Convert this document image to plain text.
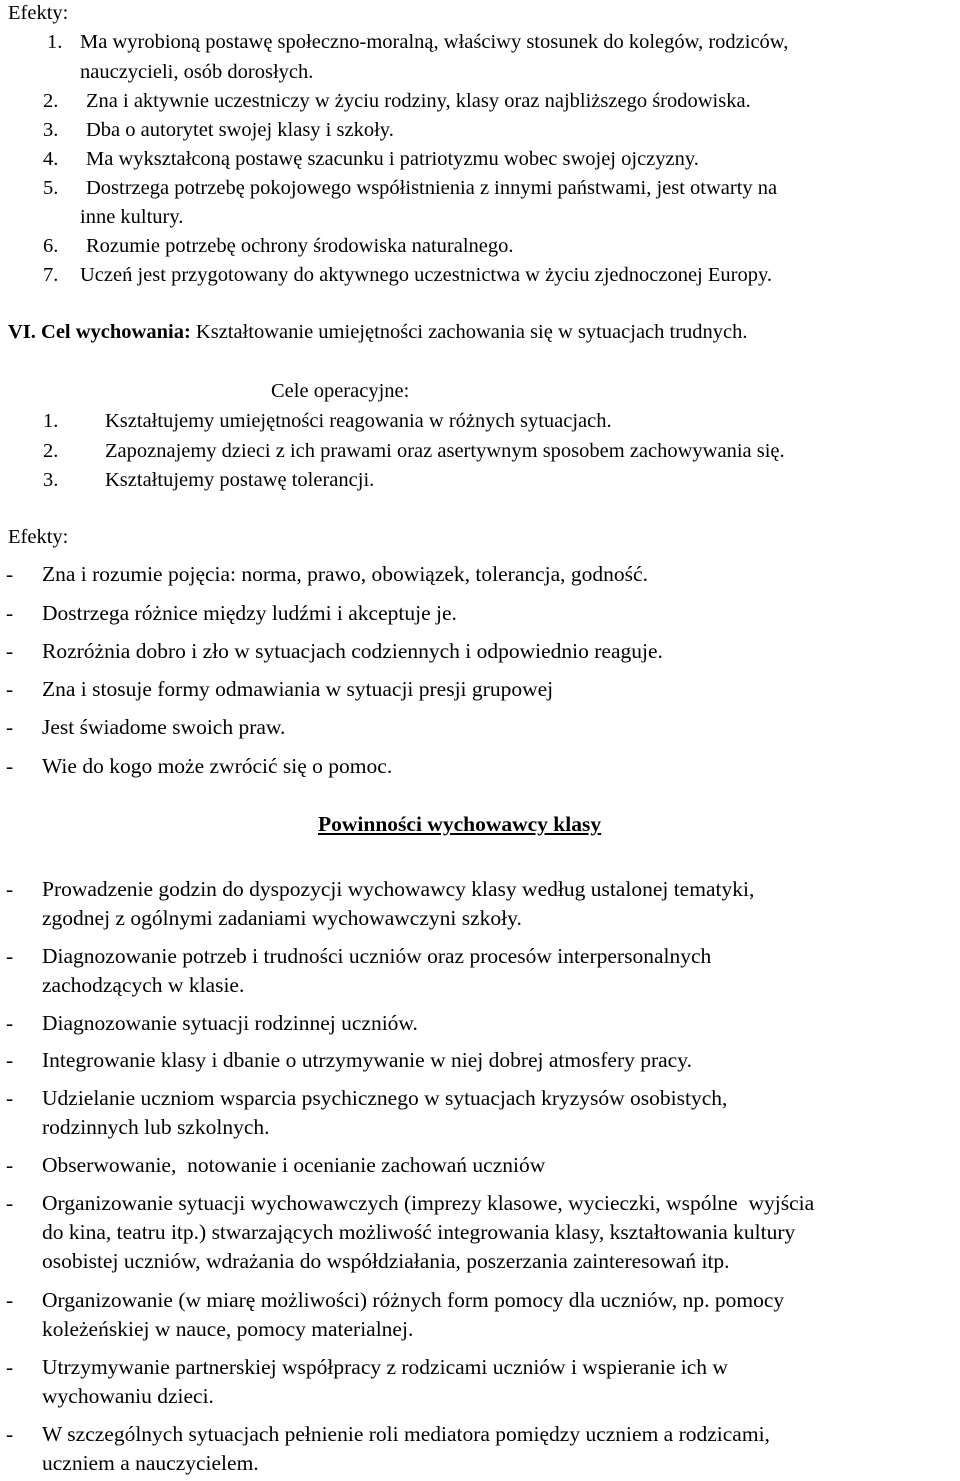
Efekty:
1. Ma wyrobioną postawę społeczno-moralną, właściwy stosunek do kolegów, rodziców,
nauczycieli, osób dorosłych.
2. Zna i aktywnie uczestniczy w życiu rodziny, klasy oraz najbliższego środowiska.
3. Dba o autorytet swojej klasy i szkoły.
4. Ma wykształconą postawę szacunku i patriotyzmu wobec swojej ojczyzny.
5. Dostrzega potrzebę pokojowego współistnienia z innymi państwami, jest otwarty na
inne kultury.
6. Rozumie potrzebę ochrony środowiska naturalnego.
7. Uczeń jest przygotowany do aktywnego uczestnictwa w życiu zjednoczonej Europy.
VI. Cel wychowania: Kształtowanie umiejętności zachowania się w sytuacjach trudnych.
Cele operacyjne:
1. Kształtujemy umiejętności reagowania w różnych sytuacjach.
2. Zapoznajemy dzieci z ich prawami oraz asertywnym sposobem zachowywania się.
3. Kształtujemy postawę tolerancji.
Efekty:
- Zna i rozumie pojęcia: norma, prawo, obowiązek, tolerancja, godność.
- Dostrzega różnice między ludźmi i akceptuje je.
- Rozróżnia dobro i zło w sytuacjach codziennych i odpowiednio reaguje.
- Zna i stosuje formy odmawiania w sytuacji presji grupowej
- Jest świadome swoich praw.
- Wie do kogo może zwrócić się o pomoc.
Powinności wychowawcy klasy
- Prowadzenie godzin do dyspozycji wychowawcy klasy według ustalonej tematyki,
zgodnej z ogólnymi zadaniami wychowawczyni szkoły.
- Diagnozowanie potrzeb i trudności uczniów oraz procesów interpersonalnych
zachodzących w klasie.
- Diagnozowanie sytuacji rodzinnej uczniów.
- Integrowanie klasy i dbanie o utrzymywanie w niej dobrej atmosfery pracy.
- Udzielanie uczniom wsparcia psychicznego w sytuacjach kryzysów osobistych,
rodzinnych lub szkolnych.
- Obserwowanie,  notowanie i ocenianie zachowań uczniów
- Organizowanie sytuacji wychowawczych (imprezy klasowe, wycieczki, wspólne  wyjścia
do kina, teatru itp.) stwarzających możliwość integrowania klasy, kształtowania kultury
osobistej uczniów, wdrażania do współdziałania, poszerzania zainteresowań itp.
- Organizowanie (w miarę możliwości) różnych form pomocy dla uczniów, np. pomocy
koleżeńskiej w nauce, pomocy materialnej.
- Utrzymywanie partnerskiej współpracy z rodzicami uczniów i wspieranie ich w
wychowaniu dzieci.
- W szczególnych sytuacjach pełnienie roli mediatora pomiędzy uczniem a rodzicami,
uczniem a nauczycielem.
